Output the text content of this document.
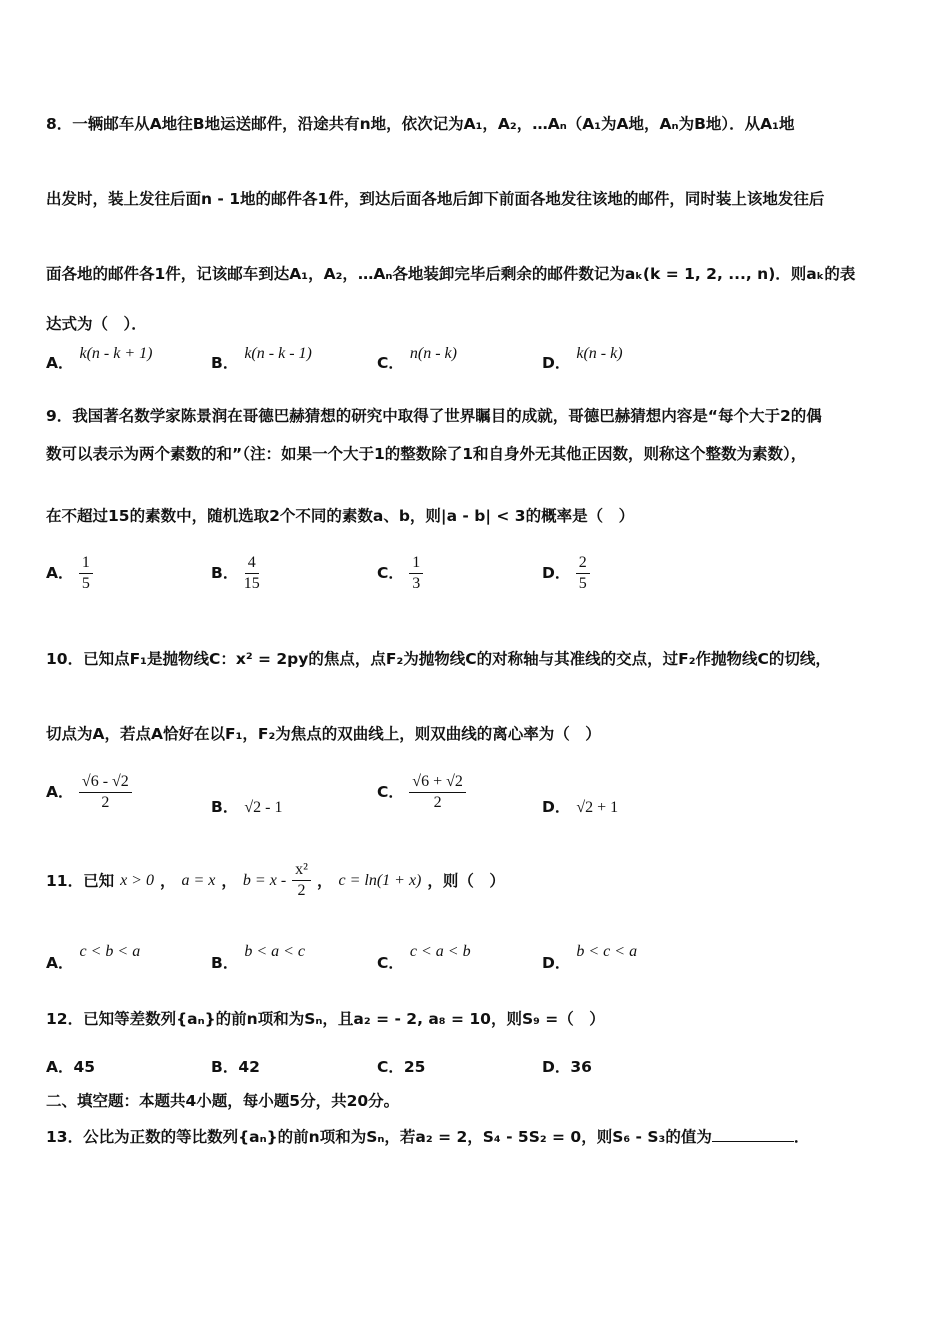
8．一辆邮车从A地往B地运送邮件，沿途共有n地，依次记为A₁，A₂，…Aₙ（A₁为A地，Aₙ为B地）．从A₁地
出发时，装上发往后面n - 1地的邮件各1件，到达后面各地后卸下前面各地发往该地的邮件，同时装上该地发往后
面各地的邮件各1件，记该邮车到达A₁，A₂，…Aₙ各地装卸完毕后剩余的邮件数记为aₖ(k = 1, 2, ..., n)．则aₖ的表
达式为（　）．
A．k(n - k + 1)
B．k(n - k - 1)
C．n(n - k)
D．k(n - k)
9．我国著名数学家陈景润在哥德巴赫猜想的研究中取得了世界瞩目的成就，哥德巴赫猜想内容是“每个大于2的偶
数可以表示为两个素数的和”（注：如果一个大于1的整数除了1和自身外无其他正因数，则称这个整数为素数），
在不超过15的素数中，随机选取2个不同的素数a、b，则|a - b| < 3的概率是（　）
A． $\frac{1}{5}$	B． $\frac{4}{15}$	C． $\frac{1}{3}$	D． $\frac{2}{5}$
10．已知点F₁是抛物线C：x² = 2py的焦点，点F₂为抛物线C的对称轴与其准线的交点，过F₂作抛物线C的切线，
切点为A，若点A恰好在以F₁，F₂为焦点的双曲线上，则双曲线的离心率为（　）
A． $\frac{√6 - √2}{2}$	B． √2 - 1
C． $\frac{√6 + √2}{2}$	D． √2 + 1
11．已知 x > 0 ， a = x ， $b = x - \frac{\text{x²}}{2}$ ， c = ln(1 + x) ，则（　）
A．c < b < a
B．b < a < c
C．c < a < b
D．b < c < a
12．已知等差数列{aₙ}的前n项和为Sₙ，且a₂ = - 2, a₈ = 10，则S₉ =（　）
A．45	B．42	C．25	D．36
二、填空题：本题共4小题，每小题5分，共20分。
13．公比为正数的等比数列{aₙ}的前n项和为Sₙ，若a₂ = 2，S₄ - 5S₂ = 0，则S₆ - S₃的值为	．
